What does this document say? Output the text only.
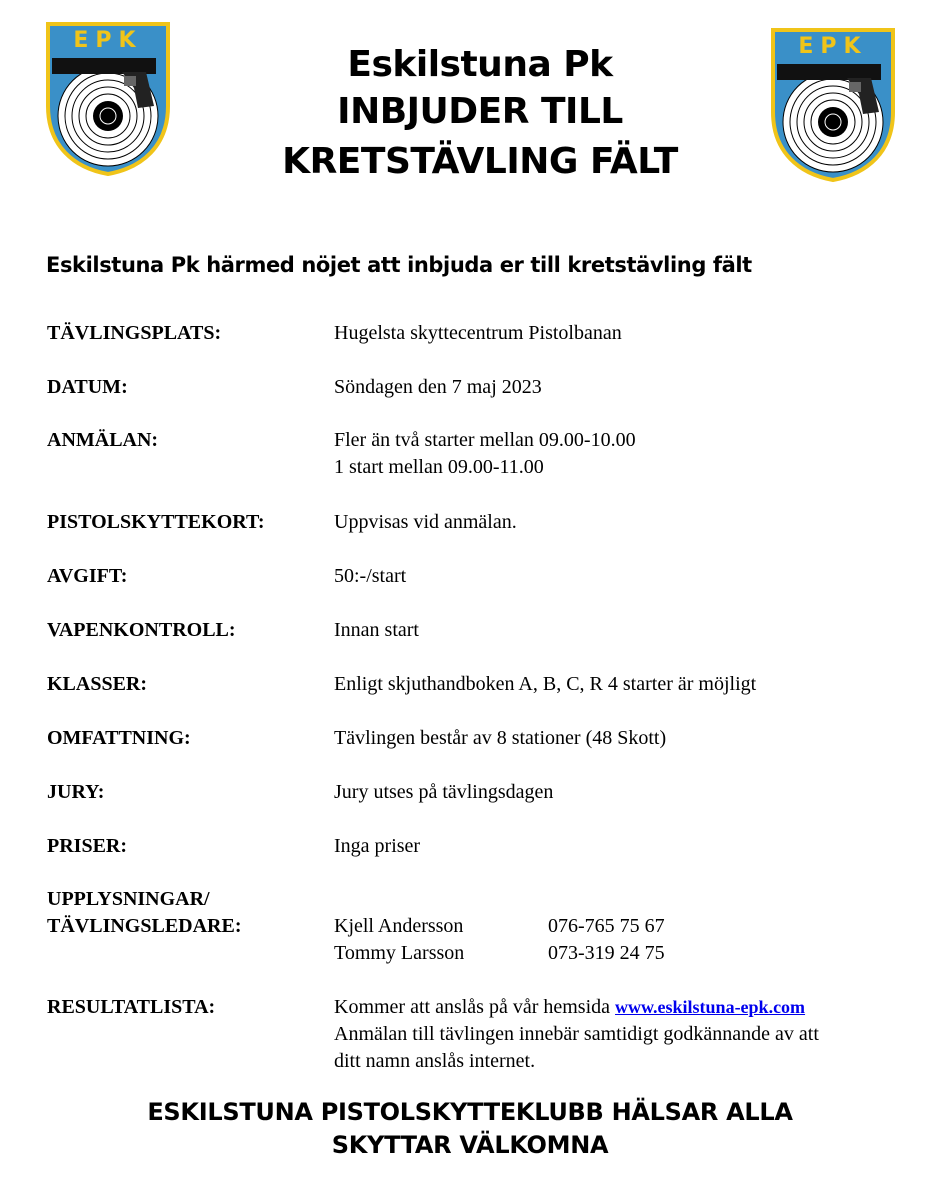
EPK	EPK
Eskilstuna Pk
INBJUDER TILL
KRETSTÄVLING FÄLT
Eskilstuna Pk härmed nöjet att inbjuda er till kretstävling fält
TÄVLINGSPLATS:	Hugelsta skyttecentrum Pistolbanan
DATUM:	Söndagen den 7 maj 2023
ANMÄLAN:	Fler än två starter mellan 09.00-10.00
1 start mellan 09.00-11.00
PISTOLSKYTTEKORT:	Uppvisas vid anmälan.
AVGIFT:	50:-/start
VAPENKONTROLL:	Innan start
KLASSER:	Enligt skjuthandboken A, B, C, R 4 starter är möjligt
OMFATTNING:	Tävlingen består av 8 stationer (48 Skott)
JURY:	Jury utses på tävlingsdagen
PRISER:	Inga priser
UPPLYSNINGAR/
TÄVLINGSLEDARE:	Kjell Andersson	076-765 75 67
Tommy Larsson	073-319 24 75
RESULTATLISTA:	Kommer att anslås på vår hemsida www.eskilstuna-epk.com
Anmälan till tävlingen innebär samtidigt godkännande av att
ditt namn anslås internet.

ESKILSTUNA PISTOLSKYTTEKLUBB HÄLSAR ALLA

SKYTTAR VÄLKOMNA
